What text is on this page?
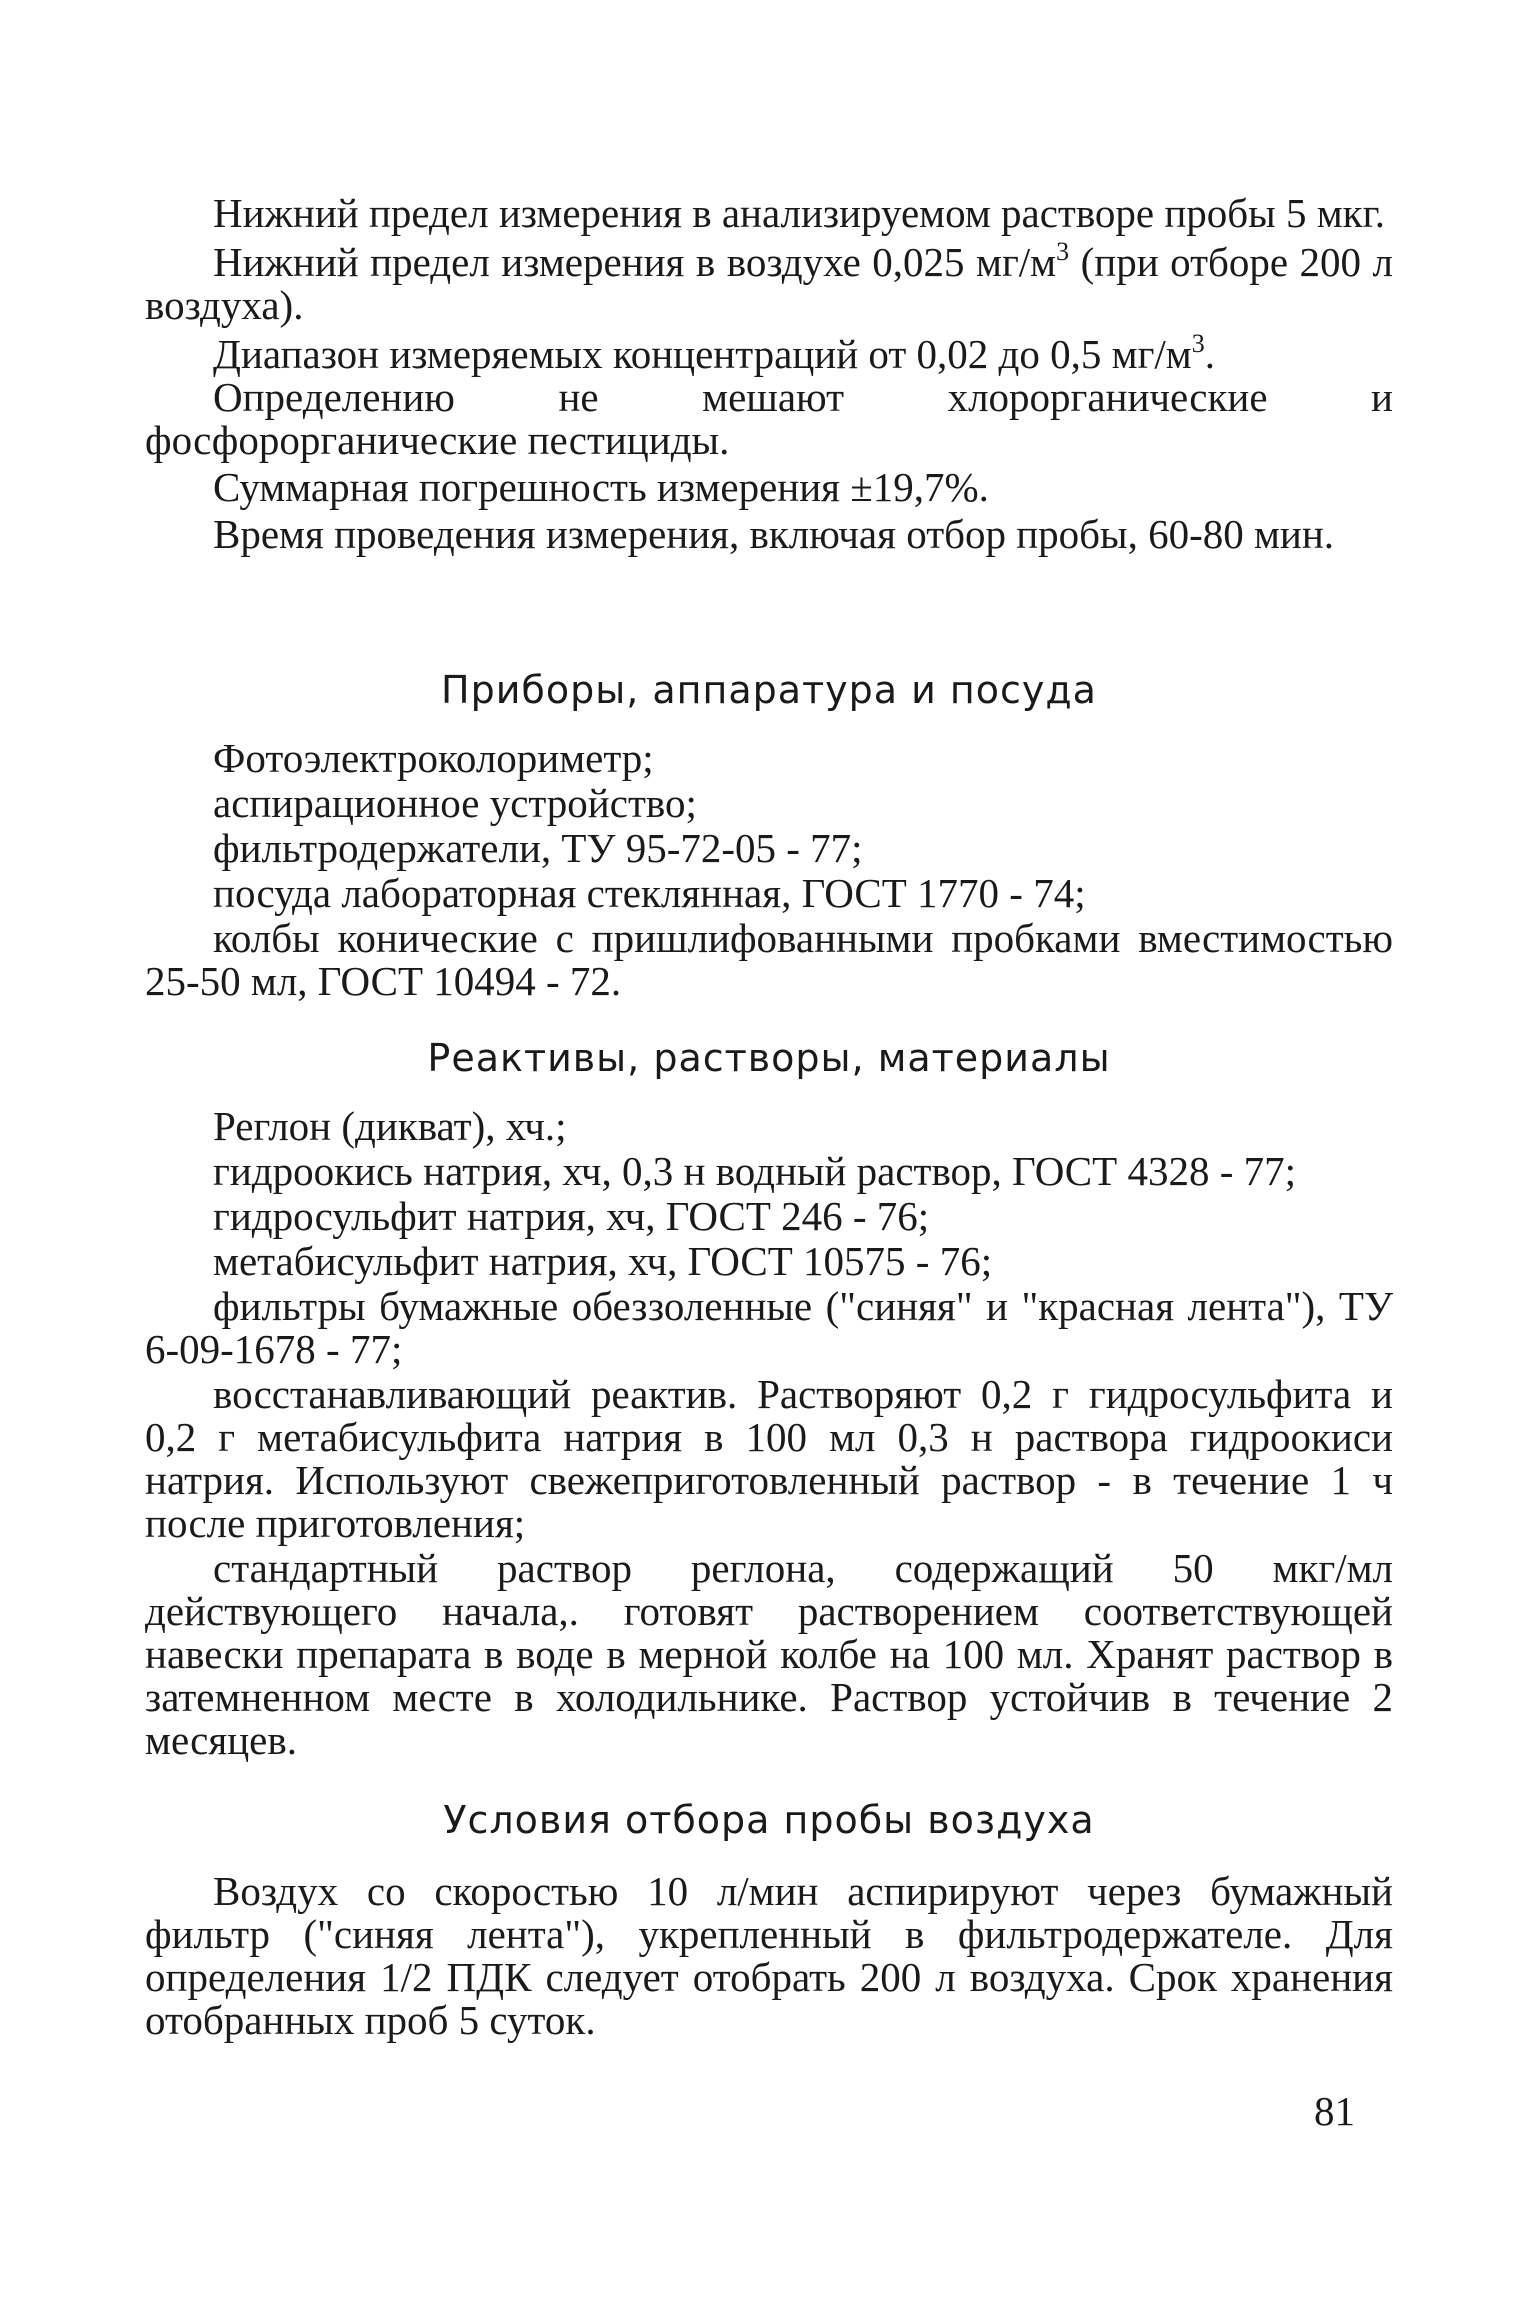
Нижний предел измерения в анализируемом растворе пробы 5 мкг.

Нижний предел измерения в воздухе 0,025 $мг/м^3$ (при отборе 200 л воздуха).

Диапазон измеряемых концентраций от 0,02 до 0,5 $мг/м^3$.

Определению не мешают хлорорганические и фосфорорганические пестициды.

Суммарная погрешность измерения ±19,7%.

Время проведения измерения, включая отбор пробы, 60-80 мин.

Приборы, аппаратура и посуда

Фотоэлектроколориметр;

аспирационное устройство;

фильтродержатели, ТУ 95-72-05 - 77;

посуда лабораторная стеклянная, ГОСТ 1770 - 74;

колбы конические с пришлифованными пробками вместимостью 25-50 мл, ГОСТ 10494 - 72.

Реактивы, растворы, материалы

Реглон (дикват), хч.;

гидроокись натрия, хч, 0,3 н водный раствор, ГОСТ 4328 - 77;

гидросульфит натрия, хч, ГОСТ 246 - 76;

метабисульфит натрия, хч, ГОСТ 10575 - 76;

фильтры бумажные обеззоленные ("синяя" и "красная лента"), ТУ 6-09-1678 - 77;

восстанавливающий реактив. Растворяют 0,2 г гидросульфита и 0,2 г метабисульфита натрия в 100 мл 0,3 н раствора гидроокиси натрия. Используют свежеприготовленный раствор - в течение 1 ч после приготовления;

стандартный раствор реглона, содержащий 50 мкг/мл действующего начала,. готовят растворением соответствующей навески препарата в воде в мерной колбе на 100 мл. Хранят раствор в затемненном месте в холодильнике. Раствор устойчив в течение 2 месяцев.

Условия отбора пробы воздуха

Воздух со скоростью 10 л/мин аспирируют через бумажный фильтр ("синяя лента"), укрепленный в фильтродержателе. Для определения 1/2 ПДК следует отобрать 200 л воздуха. Срок хранения отобранных проб 5 суток.

81
